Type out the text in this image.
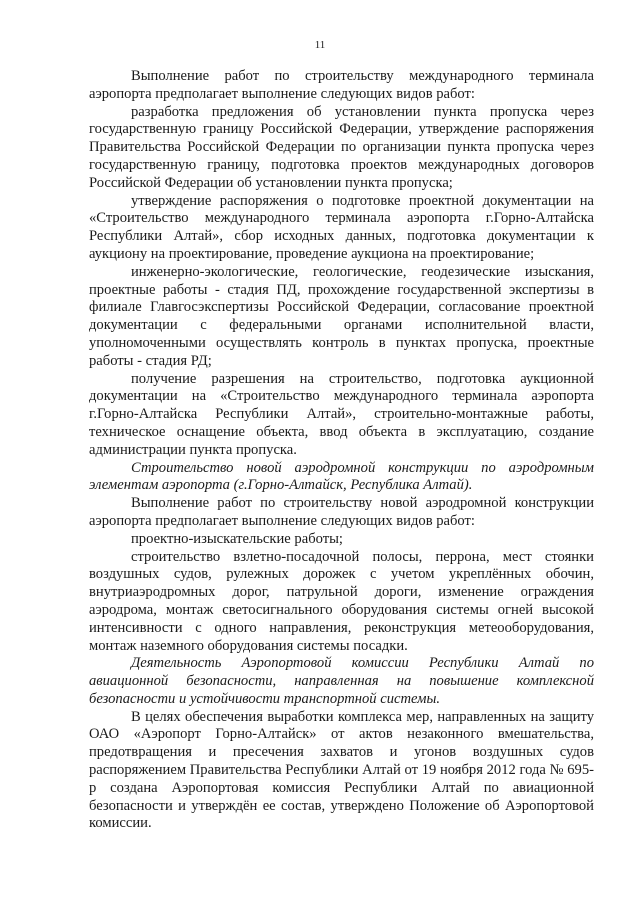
11

Выполнение работ по строительству международного терминала аэропорта предполагает выполнение следующих видов работ:

разработка предложения об установлении пункта пропуска через государственную границу Российской Федерации, утверждение распоряжения Правительства Российской Федерации по организации пункта пропуска через государственную границу, подготовка проектов международных договоров Российской Федерации об установлении пункта пропуска;

утверждение распоряжения о подготовке проектной документации на «Строительство международного терминала аэропорта г.Горно-Алтайска Республики Алтай», сбор исходных данных, подготовка документации к аукциону на проектирование, проведение аукциона на проектирование;

инженерно-экологические, геологические, геодезические изыскания, проектные работы - стадия ПД, прохождение государственной экспертизы в филиале Главгосэкспертизы Российской Федерации, согласование проектной документации с федеральными органами исполнительной власти, уполномоченными осуществлять контроль в пунктах пропуска, проектные работы - стадия РД;

получение разрешения на строительство, подготовка аукционной документации на «Строительство международного терминала аэропорта г.Горно-Алтайска Республики Алтай», строительно-монтажные работы, техническое оснащение объекта, ввод объекта в эксплуатацию, создание администрации пункта пропуска.

Строительство новой аэродромной конструкции по аэродромным элементам аэропорта (г.Горно-Алтайск, Республика Алтай).

Выполнение работ по строительству новой аэродромной конструкции аэропорта предполагает выполнение следующих видов работ:

проектно-изыскательские работы;

строительство взлетно-посадочной полосы, перрона, мест стоянки воздушных судов, рулежных дорожек с учетом укреплённых обочин, внутриаэродромных дорог, патрульной дороги, изменение ограждения аэродрома, монтаж светосигнального оборудования системы огней высокой интенсивности с одного направления, реконструкция метеооборудования, монтаж наземного оборудования системы посадки.

Деятельность Аэропортовой комиссии Республики Алтай по авиационной безопасности, направленная на повышение комплексной безопасности и устойчивости транспортной системы.

В целях обеспечения выработки комплекса мер, направленных на защиту ОАО «Аэропорт Горно-Алтайск» от актов незаконного вмешательства, предотвращения и пресечения захватов и угонов воздушных судов распоряжением Правительства Республики Алтай от 19 ноября 2012 года № 695-р создана Аэропортовая комиссия Республики Алтай по авиационной безопасности и утверждён ее состав, утверждено Положение об Аэропортовой комиссии.
